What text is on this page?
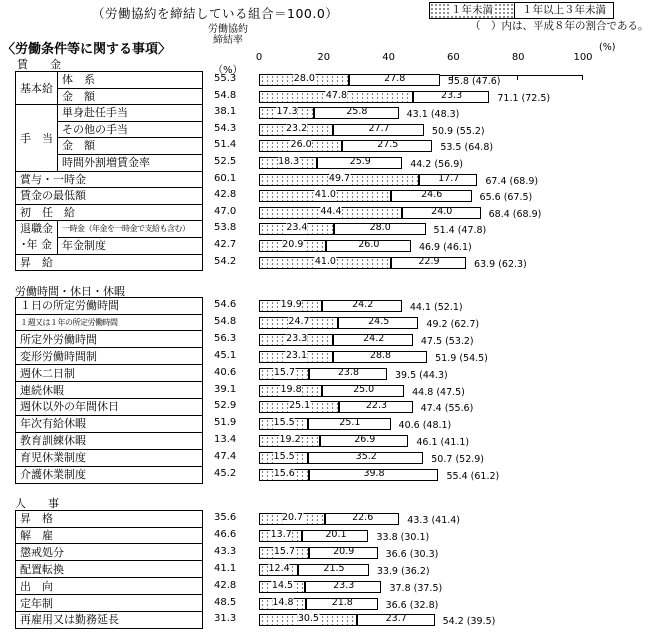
（労働協約を締結している組合＝100.0）	１年未満	１年以上３年未満
（　）内は、平成８年の割合である。
〈労働条件等に関する事項〉
労働協約
締結率
（%）
(%)
0	20	40	60	80	100
賃　　金
基本給
手　当
退職金
･年 金
体　系
金　額
単身赴任手当
その他の手当
金　額
時間外割増賃金率
賞与・一時金
賃金の最低額
初　任　給
一時金（年金を一時金で支給も含む）
年金制度
昇　給
55.3	28.0	27.8	55.8 (47.6)
54.8	47.8	23.3	71.1 (72.5)
38.1	17.3	25.8	43.1 (48.3)
54.3	23.2	27.7	50.9 (55.2)
51.4	26.0	27.5	53.5 (64.8)
52.5	18.3	25.9	44.2 (56.9)
60.1	49.7	17.7	67.4 (68.9)
42.8	41.0	24.6	65.6 (67.5)
47.0	44.4	24.0	68.4 (68.9)
53.8	23.4	28.0	51.4 (47.8)
42.7	20.9	26.0	46.9 (46.1)
54.2	41.0	22.9	63.9 (62.3)
労働時間・休日・休暇
１日の所定労働時間
１週又は１年の所定労働時間
所定外労働時間
変形労働時間制
週休二日制
連続休暇
週休以外の年間休日
年次有給休暇
教育訓練休暇
育児休業制度
介護休業制度
54.6	19.9	24.2	44.1 (52.1)
54.8	24.7	24.5	49.2 (62.7)
56.3	23.3	24.2	47.5 (53.2)
45.1	23.1	28.8	51.9 (54.5)
40.6	15.7	23.8	39.5 (44.3)
39.1	19.8	25.0	44.8 (47.5)
52.9	25.1	22.3	47.4 (55.6)
51.9	15.5	25.1	40.6 (48.1)
13.4	19.2	26.9	46.1 (41.1)
47.4	15.5	35.2	50.7 (52.9)
45.2	15.6	39.8	55.4 (61.2)
人　　事
昇　格
解　雇
懲戒処分
配置転換
出　向
定年制
再雇用又は勤務延長
35.6	20.7	22.6	43.3 (41.4)
46.6	13.7	20.1	33.8 (30.1)
43.3	15.7	20.9	36.6 (30.3)
41.1	12.4	21.5	33.9 (36.2)
42.8	14.5	23.3	37.8 (37.5)
48.5	14.8	21.8	36.6 (32.8)
31.3	30.5	23.7	54.2 (39.5)
